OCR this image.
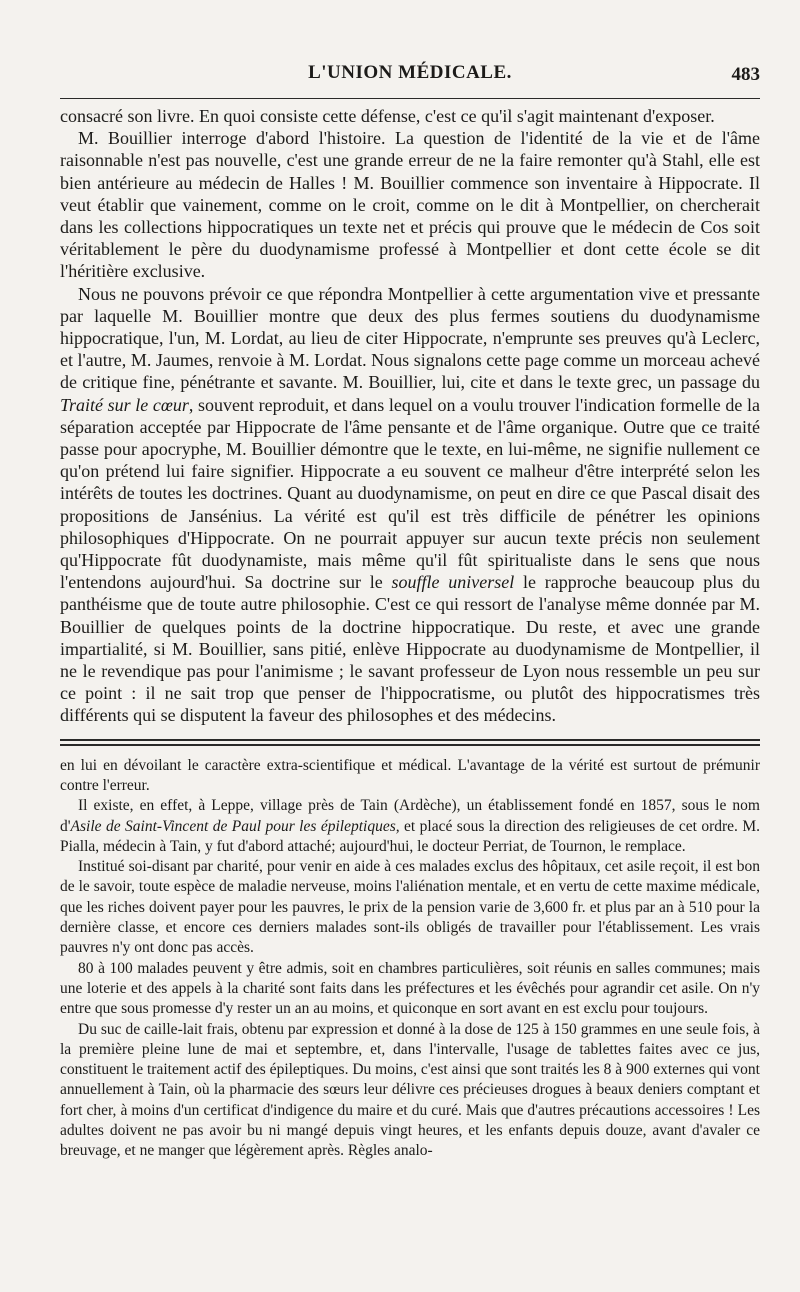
L'UNION MÉDICALE.	483

consacré son livre. En quoi consiste cette défense, c'est ce qu'il s'agit maintenant d'exposer.

M. Bouillier interroge d'abord l'histoire. La question de l'identité de la vie et de l'âme raisonnable n'est pas nouvelle, c'est une grande erreur de ne la faire remonter qu'à Stahl, elle est bien antérieure au médecin de Halles ! M. Bouillier commence son inventaire à Hippocrate. Il veut établir que vainement, comme on le croit, comme on le dit à Montpellier, on chercherait dans les collections hippocratiques un texte net et précis qui prouve que le médecin de Cos soit véritablement le père du duodynamisme professé à Montpellier et dont cette école se dit l'héritière exclusive.

Nous ne pouvons prévoir ce que répondra Montpellier à cette argumentation vive et pressante par laquelle M. Bouillier montre que deux des plus fermes soutiens du duodynamisme hippocratique, l'un, M. Lordat, au lieu de citer Hippocrate, n'emprunte ses preuves qu'à Leclerc, et l'autre, M. Jaumes, renvoie à M. Lordat. Nous signalons cette page comme un morceau achevé de critique fine, pénétrante et savante. M. Bouillier, lui, cite et dans le texte grec, un passage du Traité sur le cœur, souvent reproduit, et dans lequel on a voulu trouver l'indication formelle de la séparation acceptée par Hippocrate de l'âme pensante et de l'âme organique. Outre que ce traité passe pour apocryphe, M. Bouillier démontre que le texte, en lui-même, ne signifie nullement ce qu'on prétend lui faire signifier. Hippocrate a eu souvent ce malheur d'être interprété selon les intérêts de toutes les doctrines. Quant au duodynamisme, on peut en dire ce que Pascal disait des propositions de Jansénius. La vérité est qu'il est très difficile de pénétrer les opinions philosophiques d'Hippocrate. On ne pourrait appuyer sur aucun texte précis non seulement qu'Hippocrate fût duodynamiste, mais même qu'il fût spiritualiste dans le sens que nous l'entendons aujourd'hui. Sa doctrine sur le souffle universel le rapproche beaucoup plus du panthéisme que de toute autre philosophie. C'est ce qui ressort de l'analyse même donnée par M. Bouillier de quelques points de la doctrine hippocratique. Du reste, et avec une grande impartialité, si M. Bouillier, sans pitié, enlève Hippocrate au duodynamisme de Montpellier, il ne le revendique pas pour l'animisme ; le savant professeur de Lyon nous ressemble un peu sur ce point : il ne sait trop que penser de l'hippocratisme, ou plutôt des hippocratismes très différents qui se disputent la faveur des philosophes et des médecins.

en lui en dévoilant le caractère extra-scientifique et médical. L'avantage de la vérité est surtout de prémunir contre l'erreur.

Il existe, en effet, à Leppe, village près de Tain (Ardèche), un établissement fondé en 1857, sous le nom d'Asile de Saint-Vincent de Paul pour les épileptiques, et placé sous la direction des religieuses de cet ordre. M. Pialla, médecin à Tain, y fut d'abord attaché; aujourd'hui, le docteur Perriat, de Tournon, le remplace.

Institué soi-disant par charité, pour venir en aide à ces malades exclus des hôpitaux, cet asile reçoit, il est bon de le savoir, toute espèce de maladie nerveuse, moins l'aliénation mentale, et en vertu de cette maxime médicale, que les riches doivent payer pour les pauvres, le prix de la pension varie de 3,600 fr. et plus par an à 510 pour la dernière classe, et encore ces derniers malades sont-ils obligés de travailler pour l'établissement. Les vrais pauvres n'y ont donc pas accès.

80 à 100 malades peuvent y être admis, soit en chambres particulières, soit réunis en salles communes; mais une loterie et des appels à la charité sont faits dans les préfectures et les évêchés pour agrandir cet asile. On n'y entre que sous promesse d'y rester un an au moins, et quiconque en sort avant en est exclu pour toujours.

Du suc de caille-lait frais, obtenu par expression et donné à la dose de 125 à 150 grammes en une seule fois, à la première pleine lune de mai et septembre, et, dans l'intervalle, l'usage de tablettes faites avec ce jus, constituent le traitement actif des épileptiques. Du moins, c'est ainsi que sont traités les 8 à 900 externes qui vont annuellement à Tain, où la pharmacie des sœurs leur délivre ces précieuses drogues à beaux deniers comptant et fort cher, à moins d'un certificat d'indigence du maire et du curé. Mais que d'autres précautions accessoires ! Les adultes doivent ne pas avoir bu ni mangé depuis vingt heures, et les enfants depuis douze, avant d'avaler ce breuvage, et ne manger que légèrement après. Règles analo-
